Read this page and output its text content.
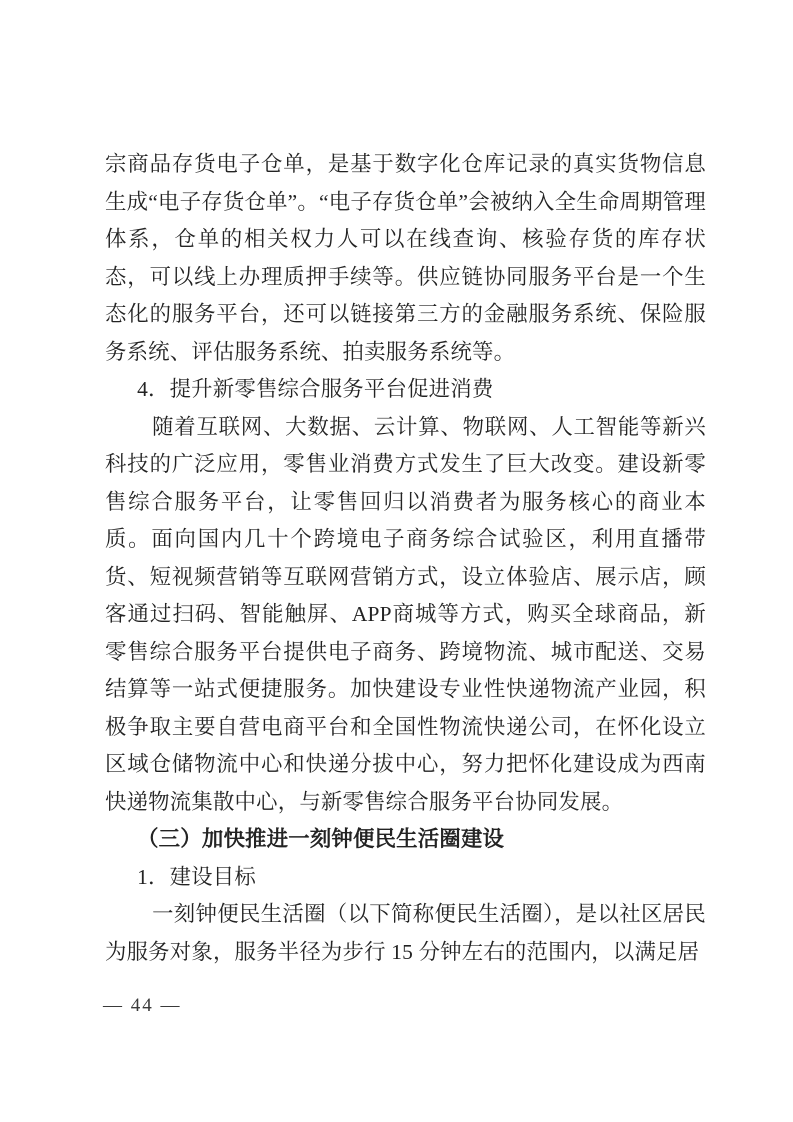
宗商品存货电子仓单，是基于数字化仓库记录的真实货物信息生成“电子存货仓单”。“电子存货仓单”会被纳入全生命周期管理体系，仓单的相关权力人可以在线查询、核验存货的库存状态，可以线上办理质押手续等。供应链协同服务平台是一个生态化的服务平台，还可以链接第三方的金融服务系统、保险服务系统、评估服务系统、拍卖服务系统等。

4．提升新零售综合服务平台促进消费

随着互联网、大数据、云计算、物联网、人工智能等新兴科技的广泛应用，零售业消费方式发生了巨大改变。建设新零售综合服务平台，让零售回归以消费者为服务核心的商业本质。面向国内几十个跨境电子商务综合试验区，利用直播带货、短视频营销等互联网营销方式，设立体验店、展示店，顾客通过扫码、智能触屏、APP商城等方式，购买全球商品，新零售综合服务平台提供电子商务、跨境物流、城市配送、交易结算等一站式便捷服务。加快建设专业性快递物流产业园，积极争取主要自营电商平台和全国性物流快递公司，在怀化设立区域仓储物流中心和快递分拔中心，努力把怀化建设成为西南快递物流集散中心，与新零售综合服务平台协同发展。

（三）加快推进一刻钟便民生活圈建设

1．建设目标

一刻钟便民生活圈（以下简称便民生活圈），是以社区居民为服务对象，服务半径为步行 15 分钟左右的范围内，以满足居

— 44 —
